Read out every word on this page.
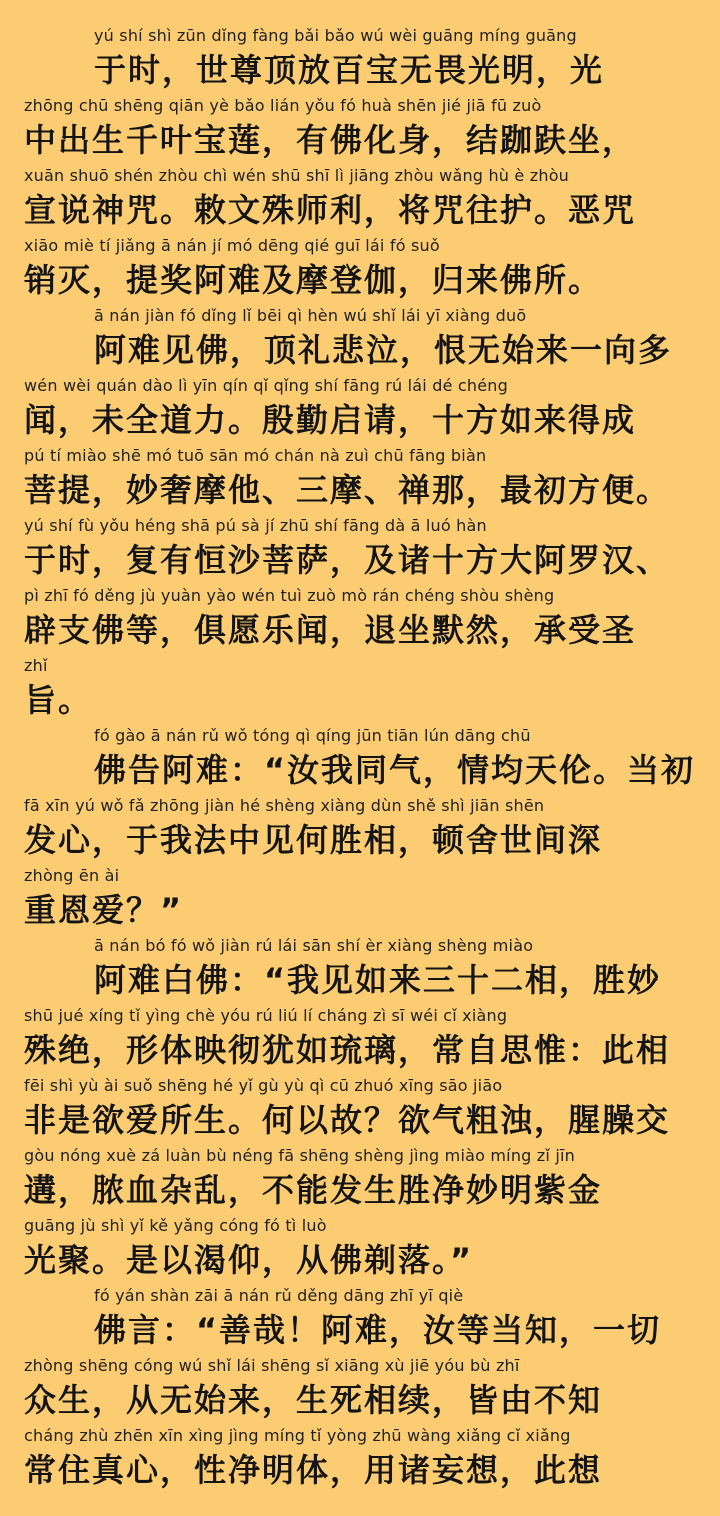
yú shí shì zūn dǐng fàng bǎi bǎo wú wèi guāng míng guāng
于时，世尊顶放百宝无畏光明，光
zhōng chū shēng qiān yè bǎo lián yǒu fó huà shēn jié jiā fū zuò
中出生千叶宝莲，有佛化身，结跏趺坐，
xuān shuō shén zhòu chì wén shū shī lì jiāng zhòu wǎng hù è zhòu
宣说神咒。敕文殊师利，将咒往护。恶咒
xiāo miè tí jiǎng ā nán jí mó dēng qié guī lái fó suǒ
销灭，提奖阿难及摩登伽，归来佛所。
ā nán jiàn fó dǐng lǐ bēi qì hèn wú shǐ lái yī xiàng duō
阿难见佛，顶礼悲泣，恨无始来一向多
wén wèi quán dào lì yīn qín qǐ qǐng shí fāng rú lái dé chéng
闻，未全道力。殷勤启请，十方如来得成
pú tí miào shē mó tuō sān mó chán nà zuì chū fāng biàn
菩提，妙奢摩他、三摩、禅那，最初方便。
yú shí fù yǒu héng shā pú sà jí zhū shí fāng dà ā luó hàn
于时，复有恒沙菩萨，及诸十方大阿罗汉、
pì zhī fó děng jù yuàn yào wén tuì zuò mò rán chéng shòu shèng
辟支佛等，俱愿乐闻，退坐默然，承受圣
zhǐ
旨。
fó gào ā nán rǔ wǒ tóng qì qíng jūn tiān lún dāng chū
佛告阿难：“汝我同气，情均天伦。当初
fā xīn yú wǒ fǎ zhōng jiàn hé shèng xiàng dùn shě shì jiān shēn
发心，于我法中见何胜相，顿舍世间深
zhòng ēn ài
重恩爱？”
ā nán bó fó wǒ jiàn rú lái sān shí èr xiàng shèng miào
阿难白佛：“我见如来三十二相，胜妙
shū jué xíng tǐ yìng chè yóu rú liú lí cháng zì sī wéi cǐ xiàng
殊绝，形体映彻犹如琉璃，常自思惟：此相
fēi shì yù ài suǒ shēng hé yǐ gù yù qì cū zhuó xīng sāo jiāo
非是欲爱所生。何以故？欲气粗浊，腥臊交
gòu nóng xuè zá luàn bù néng fā shēng shèng jìng miào míng zǐ jīn
遘，脓血杂乱，不能发生胜净妙明紫金
guāng jù shì yǐ kě yǎng cóng fó tì luò
光聚。是以渴仰，从佛剃落。”
fó yán shàn zāi ā nán rǔ děng dāng zhī yī qiè
佛言：“善哉！阿难，汝等当知，一切
zhòng shēng cóng wú shǐ lái shēng sǐ xiāng xù jiē yóu bù zhī
众生，从无始来，生死相续，皆由不知
cháng zhù zhēn xīn xìng jìng míng tǐ yòng zhū wàng xiǎng cǐ xiǎng
常住真心，性净明体，用诸妄想，此想
